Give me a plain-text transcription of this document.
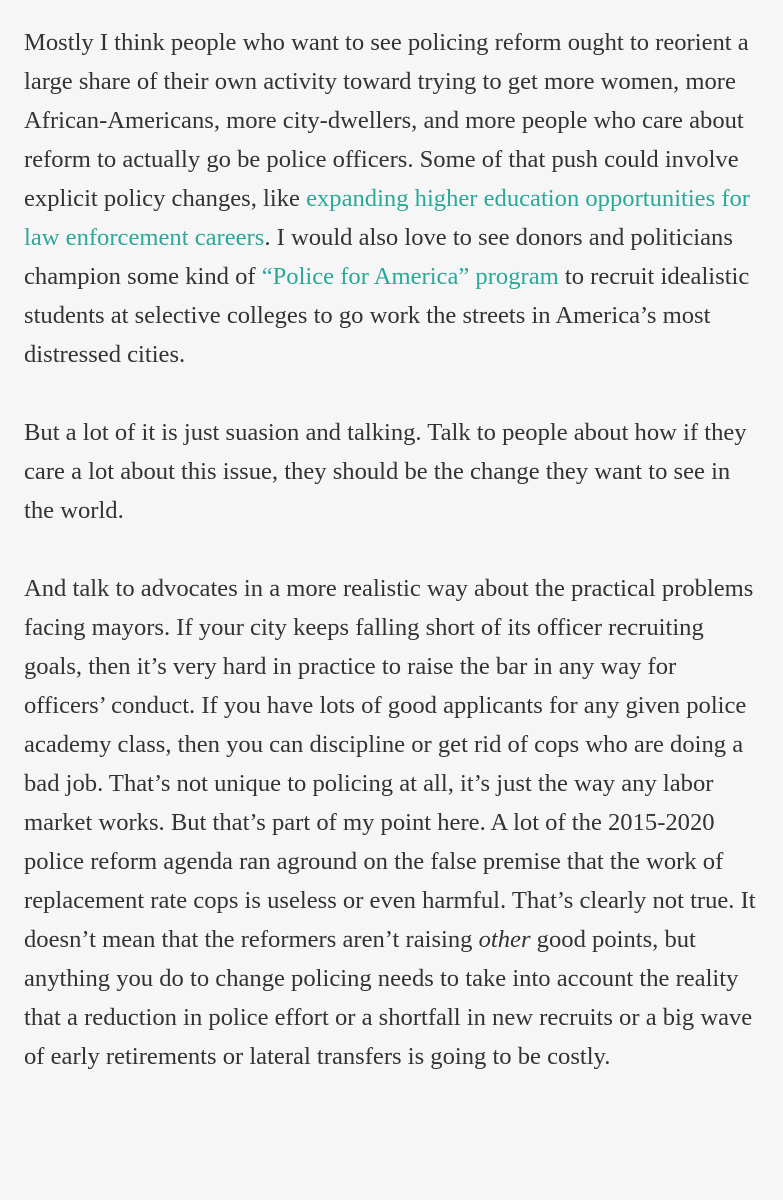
Mostly I think people who want to see policing reform ought to reorient a large share of their own activity toward trying to get more women, more African-Americans, more city-dwellers, and more people who care about reform to actually go be police officers. Some of that push could involve explicit policy changes, like expanding higher education opportunities for law enforcement careers. I would also love to see donors and politicians champion some kind of “Police for America” program to recruit idealistic students at selective colleges to go work the streets in America’s most distressed cities.

But a lot of it is just suasion and talking. Talk to people about how if they care a lot about this issue, they should be the change they want to see in the world.

And talk to advocates in a more realistic way about the practical problems facing mayors. If your city keeps falling short of its officer recruiting goals, then it’s very hard in practice to raise the bar in any way for officers’ conduct. If you have lots of good applicants for any given police academy class, then you can discipline or get rid of cops who are doing a bad job. That’s not unique to policing at all, it’s just the way any labor market works. But that’s part of my point here. A lot of the 2015-2020 police reform agenda ran aground on the false premise that the work of replacement rate cops is useless or even harmful. That’s clearly not true. It doesn’t mean that the reformers aren’t raising other good points, but anything you do to change policing needs to take into account the reality that a reduction in police effort or a shortfall in new recruits or a big wave of early retirements or lateral transfers is going to be costly.
